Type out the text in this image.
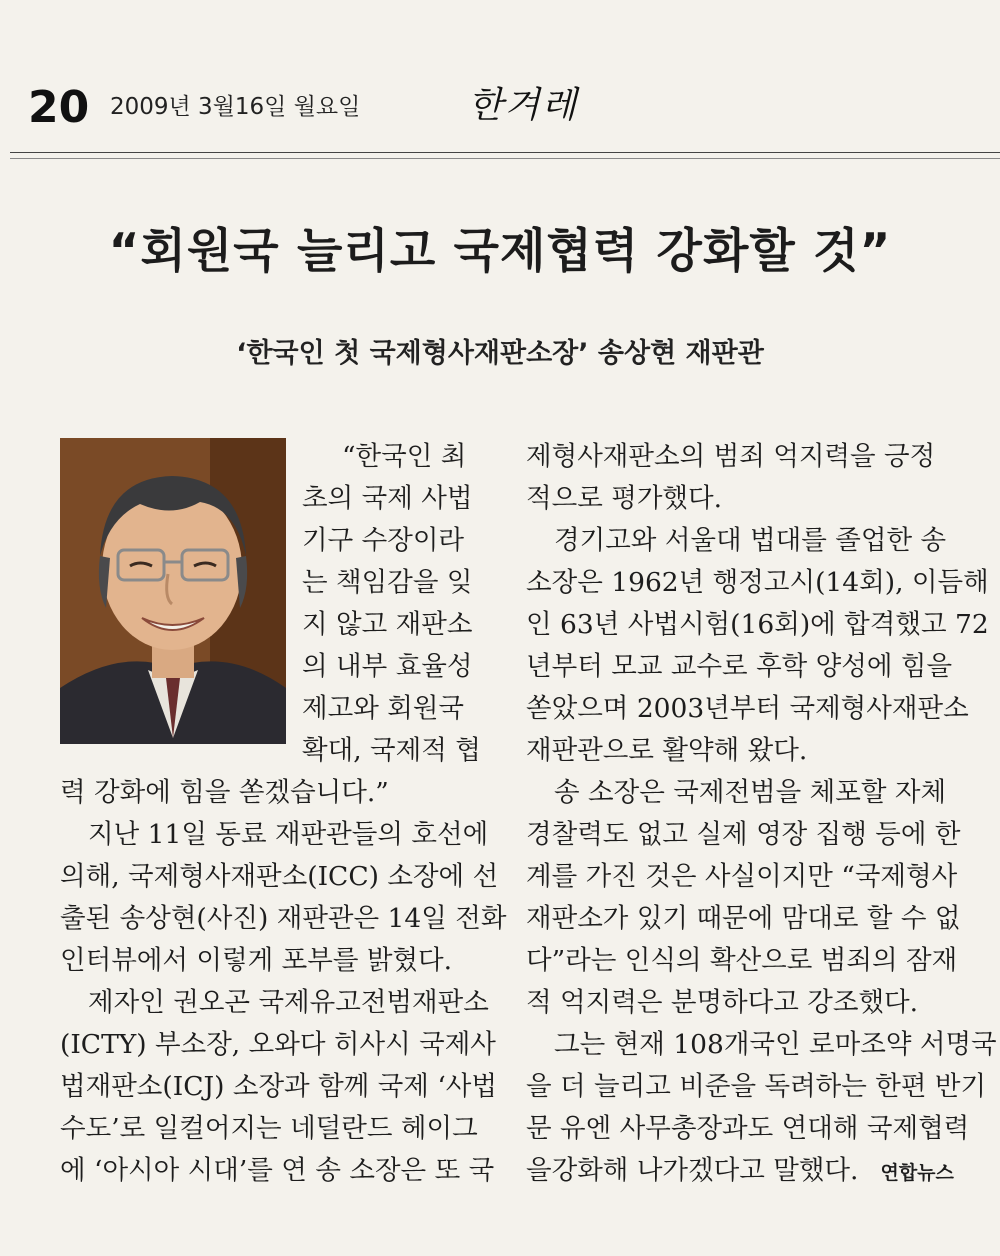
20 2009년 3월16일 월요일	한겨레
“회원국 늘리고 국제협력 강화할 것”
‘한국인 첫 국제형사재판소장’ 송상현 재판관
“한국인 최
초의 국제 사법
기구 수장이라
는 책임감을 잊
지 않고 재판소
의 내부 효율성
제고와 회원국
확대, 국제적 협
력 강화에 힘을 쏟겠습니다.”
지난 11일 동료 재판관들의 호선에
의해, 국제형사재판소(ICC) 소장에 선
출된 송상현(사진) 재판관은 14일 전화
인터뷰에서 이렇게 포부를 밝혔다.
제자인 권오곤 국제유고전범재판소
(ICTY) 부소장, 오와다 히사시 국제사
법재판소(ICJ) 소장과 함께 국제 ‘사법
수도’로 일컬어지는 네덜란드 헤이그
에 ‘아시아 시대’를 연 송 소장은 또 국
제형사재판소의 범죄 억지력을 긍정
적으로 평가했다.
경기고와 서울대 법대를 졸업한 송
소장은 1962년 행정고시(14회), 이듬해
인 63년 사법시험(16회)에 합격했고 72
년부터 모교 교수로 후학 양성에 힘을
쏟았으며 2003년부터 국제형사재판소
재판관으로 활약해 왔다.
송 소장은 국제전범을 체포할 자체
경찰력도 없고 실제 영장 집행 등에 한
계를 가진 것은 사실이지만 “국제형사
재판소가 있기 때문에 맘대로 할 수 없
다”라는 인식의 확산으로 범죄의 잠재
적 억지력은 분명하다고 강조했다.
그는 현재 108개국인 로마조약 서명국
을 더 늘리고 비준을 독려하는 한편 반기
문 유엔 사무총장과도 연대해 국제협력
을강화해 나가겠다고 말했다. 연합뉴스
